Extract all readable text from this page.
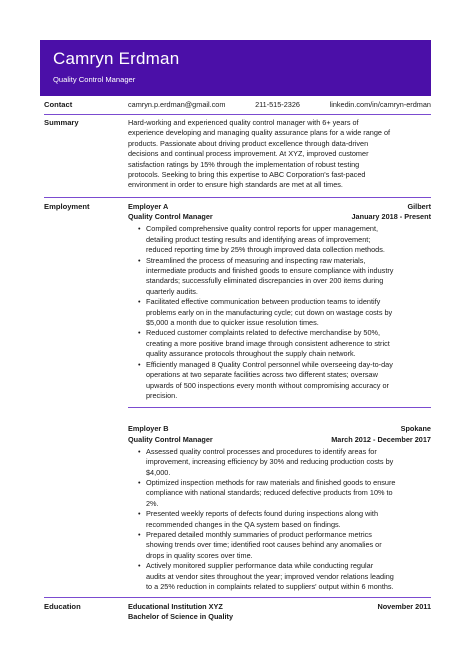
Camryn Erdman
Quality Control Manager
Contact	camryn.p.erdman@gmail.com	211-515-2326	linkedin.com/in/camryn-erdman
Summary	Hard-working and experienced quality control manager with 6+ years of
experience developing and managing quality assurance plans for a wide range of
products. Passionate about driving product excellence through data-driven
decisions and continual process improvement. At XYZ, improved customer
satisfaction ratings by 15% through the implementation of robust testing
protocols. Seeking to bring this expertise to ABC Corporation's fast-paced
environment in order to ensure high standards are met at all times.
Employment	Employer A	Gilbert
Quality Control Manager	January 2018 - Present
• Compiled comprehensive quality control reports for upper management,
detailing product testing results and identifying areas of improvement;
reduced reporting time by 25% through improved data collection methods.
• Streamlined the process of measuring and inspecting raw materials,
intermediate products and finished goods to ensure compliance with industry
standards; successfully eliminated discrepancies in over 200 items during
quarterly audits.
• Facilitated effective communication between production teams to identify
problems early on in the manufacturing cycle; cut down on wastage costs by
$5,000 a month due to quicker issue resolution times.
• Reduced customer complaints related to defective merchandise by 50%,
creating a more positive brand image through consistent adherence to strict
quality assurance protocols throughout the supply chain network.
• Efficiently managed 8 Quality Control personnel while overseeing day-to-day
operations at two separate facilities across two different states; oversaw
upwards of 500 inspections every month without compromising accuracy or
precision.
Employer B	Spokane
Quality Control Manager	March 2012 - December 2017
• Assessed quality control processes and procedures to identify areas for
improvement, increasing efficiency by 30% and reducing production costs by
$4,000.
• Optimized inspection methods for raw materials and finished goods to ensure
compliance with national standards; reduced defective products from 10% to
2%.
• Presented weekly reports of defects found during inspections along with
recommended changes in the QA system based on findings.
• Prepared detailed monthly summaries of product performance metrics
showing trends over time; identified root causes behind any anomalies or
drops in quality scores over time.
• Actively monitored supplier performance data while conducting regular
audits at vendor sites throughout the year; improved vendor relations leading
to a 25% reduction in complaints related to suppliers' output within 6 months.
Education	Educational Institution XYZ	November 2011
Bachelor of Science in Quality
